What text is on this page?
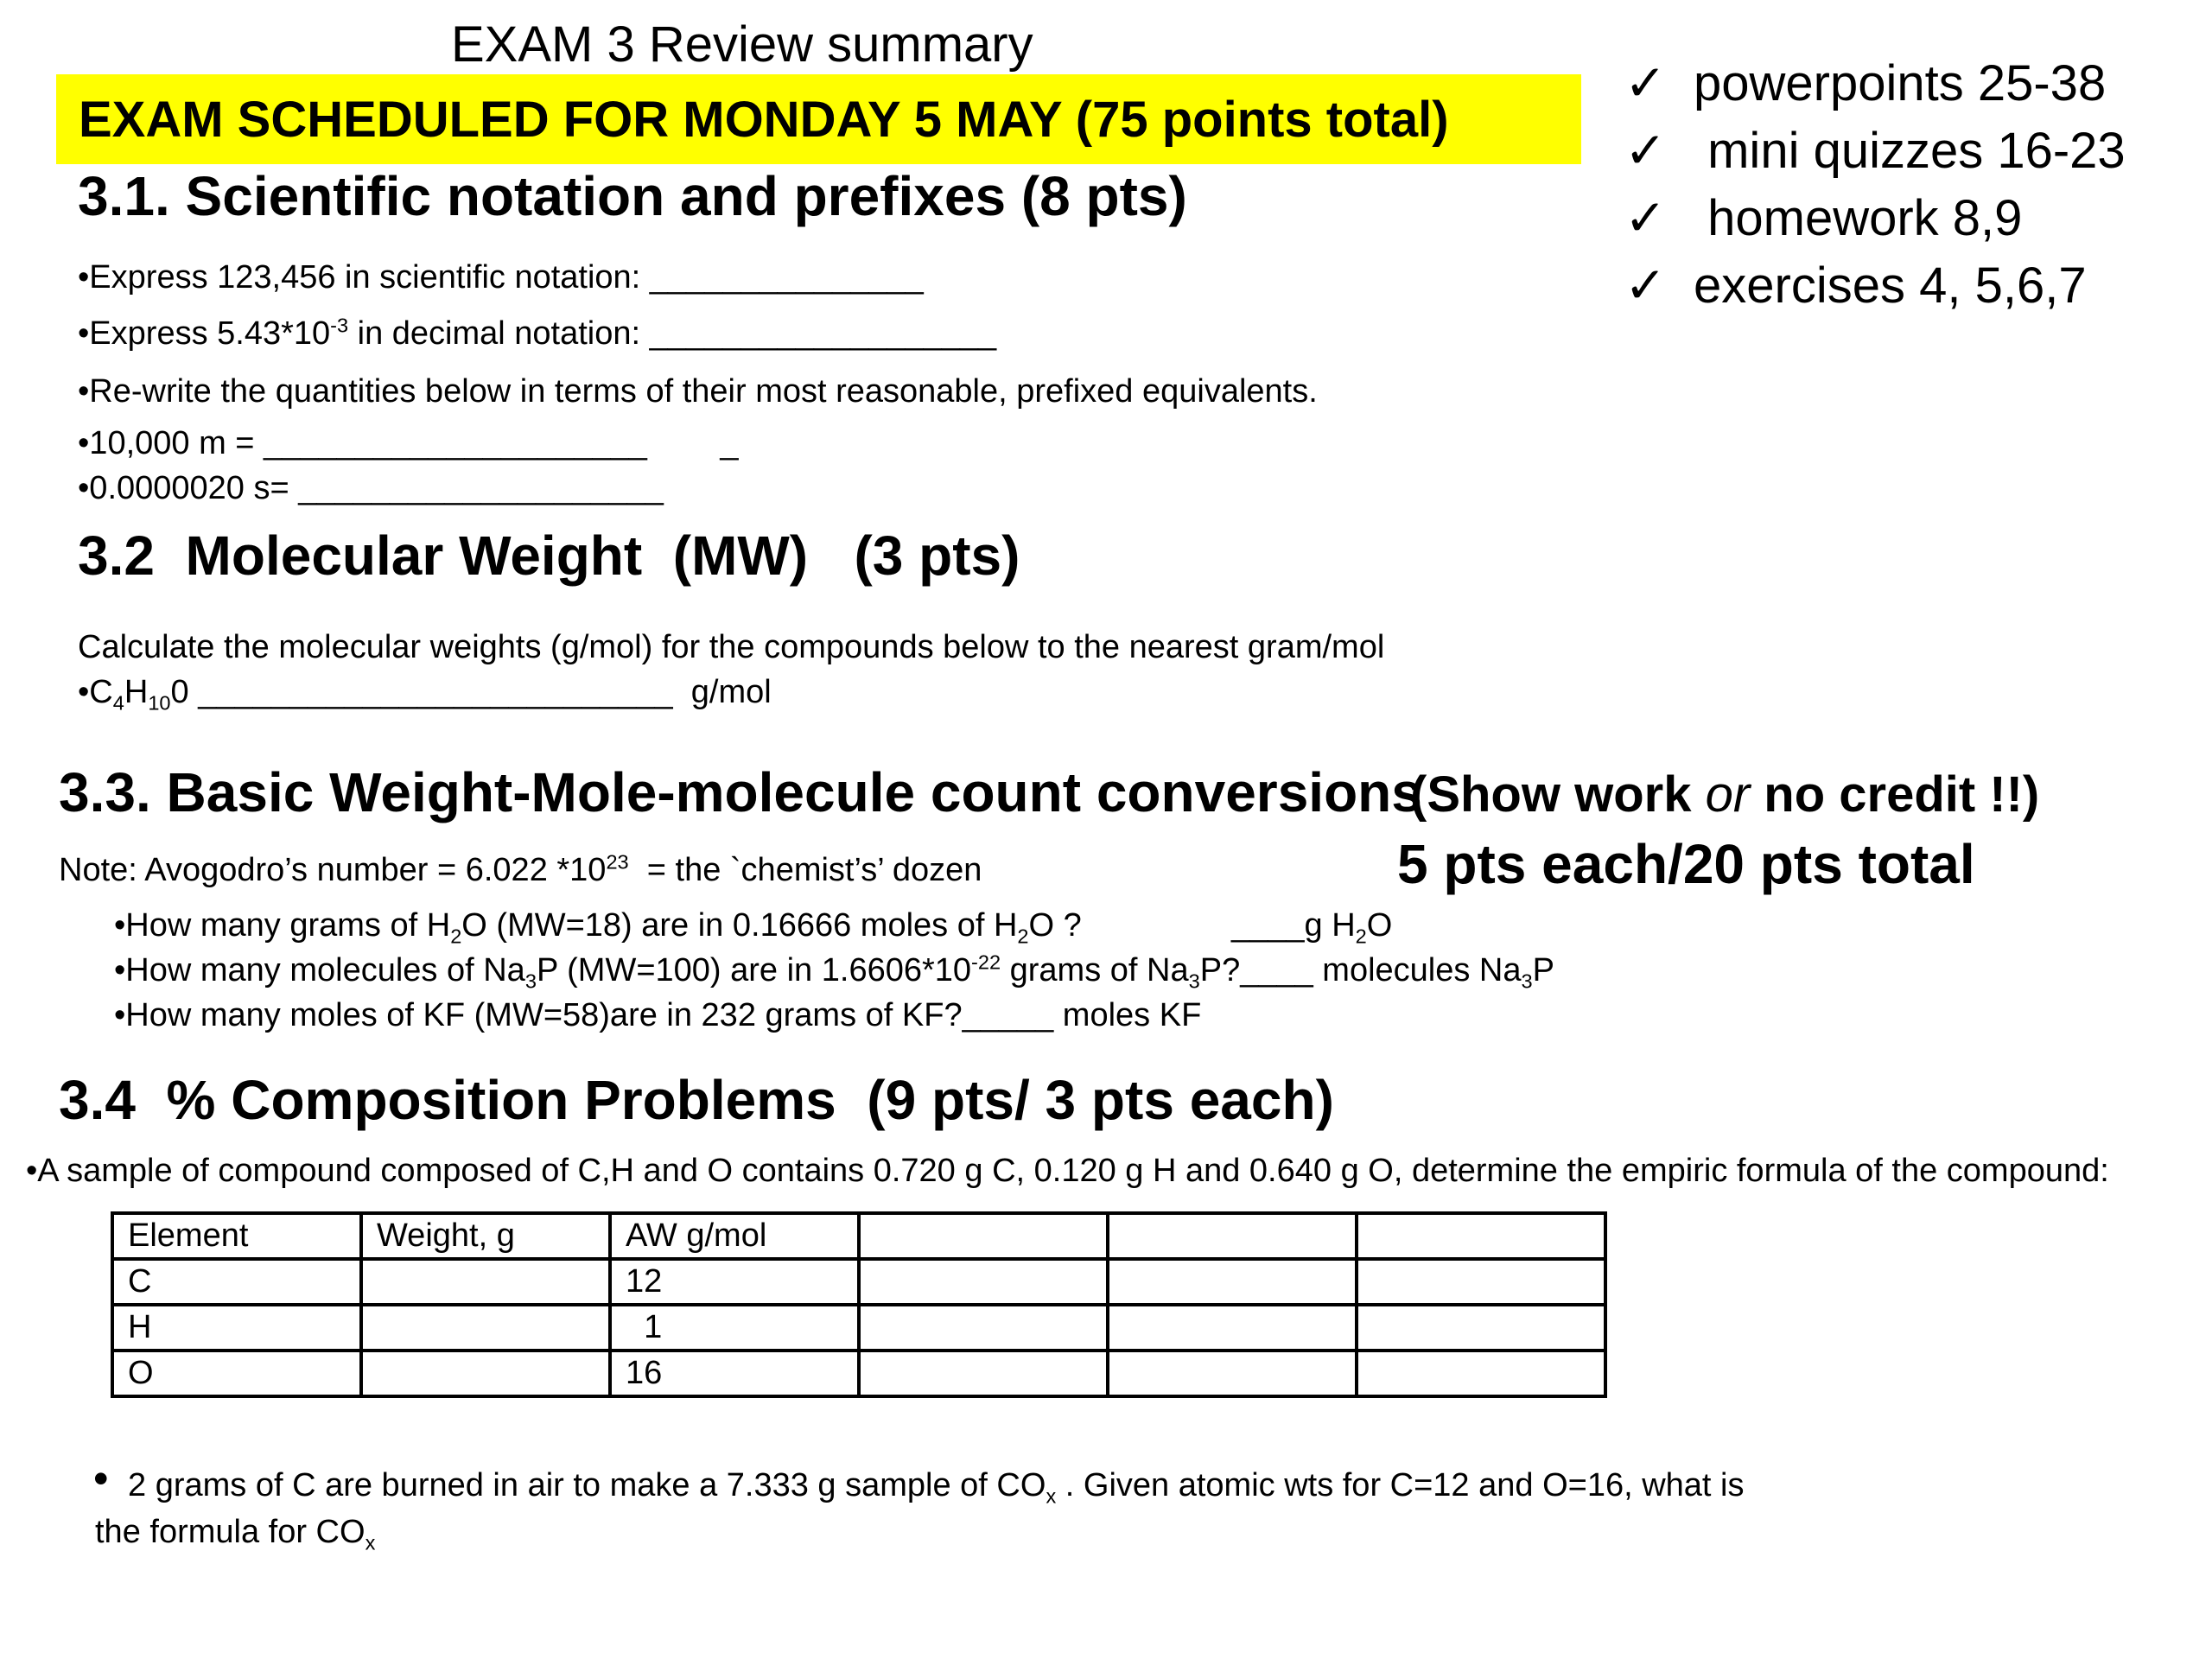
EXAM 3 Review summary
EXAM SCHEDULED FOR MONDAY 5 MAY (75 points total)
✓ powerpoints 25-38
✓ mini quizzes 16-23
✓ homework 8,9
✓ exercises 4, 5,6,7
3.1. Scientific notation and prefixes (8 pts)
•Express 123,456 in scientific notation: _______________
•Express $5.43*10^{-3}$ in decimal notation: ___________________
•Re-write the quantities below in terms of their most reasonable, prefixed equivalents.
•10,000 m = _____________________        _
•0.0000020 s= ____________________
3.2  Molecular Weight  (MW)   (3 pts)
Calculate the molecular weights (g/mol) for the compounds below to the nearest gram/mol
$•C_4H_{10}0$ __________________________  g/mol
3.3. Basic Weight-Mole-molecule count conversions
(Show work or no credit !!)
Note: Avogodro’s number = 6.022 $*10^{23}$  = the `chemist’s’ dozen	5 pts each/20 pts total
•How many grams of $H_2O$ (MW=18) are in 0.16666 moles of $H_2O$ ?	____g $H_2O$
•How many molecules of $Na_3P$ (MW=100) are in $1.6606*10^{-22}$ grams of $Na_3P?\_\_\_\_$ molecules $Na_3P$
•How many moles of KF (MW=58)are in 232 grams of KF?_____ moles KF
3.4  % Composition Problems  (9 pts/ 3 pts each)
•A sample of compound composed of C,H and O contains 0.720 g C, 0.120 g H and 0.640 g O, determine the empiric formula of the compound:
Element	Weight, g	AW g/mol			
C		12			
H		1			
O		16			
• 2 grams of C are burned in air to make a 7.333 g sample of $CO_x$ . Given atomic wts for C=12 and O=16, what is
the formula for $CO_x$
